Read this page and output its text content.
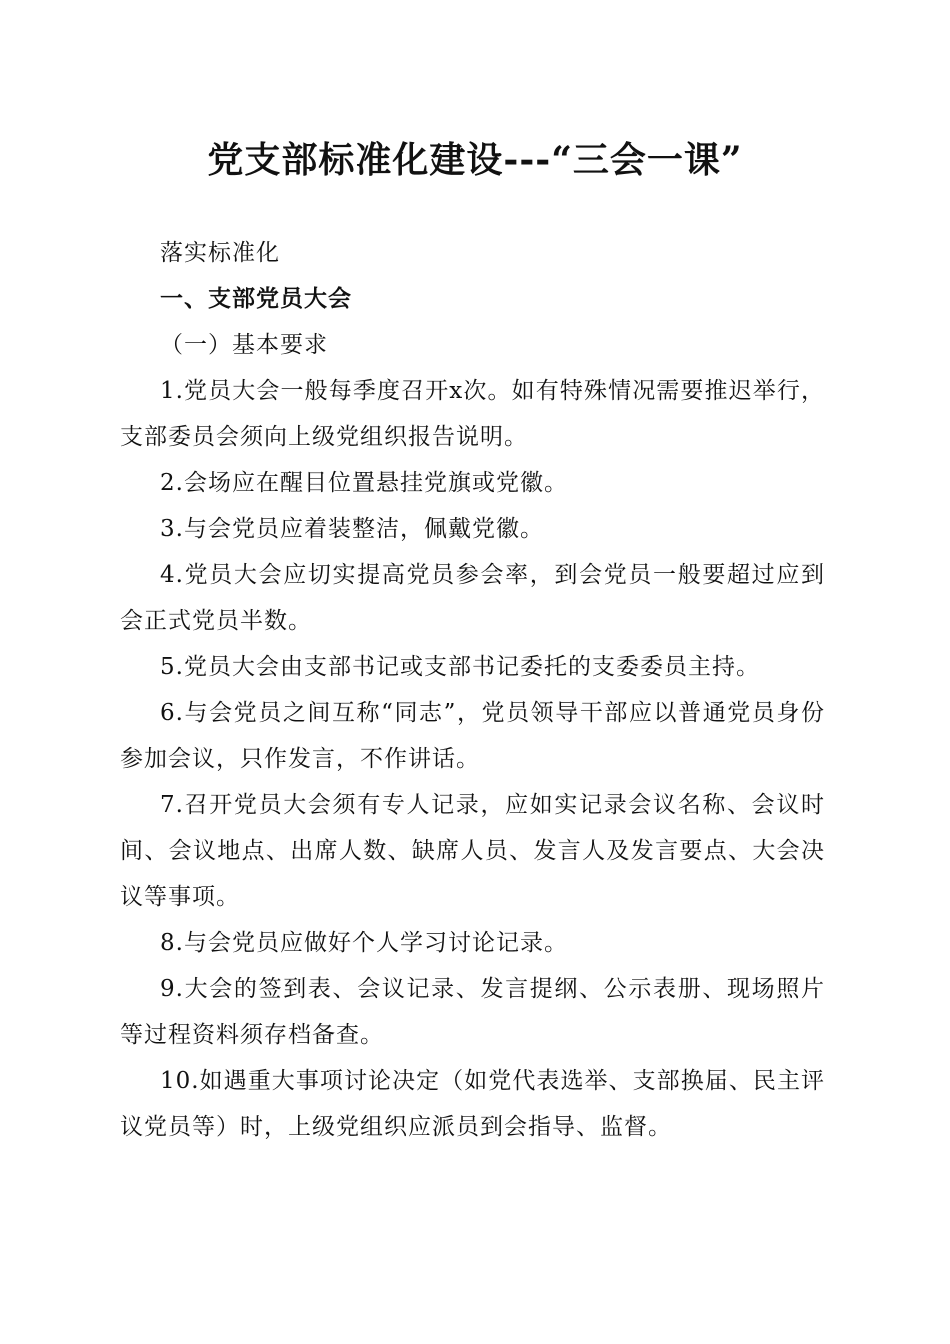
党支部标准化建设---“三会一课”

落实标准化

一、支部党员大会

（一）基本要求

1.党员大会一般每季度召开x次。如有特殊情况需要推迟举行，支部委员会须向上级党组织报告说明。

2.会场应在醒目位置悬挂党旗或党徽。

3.与会党员应着装整洁，佩戴党徽。

4.党员大会应切实提高党员参会率，到会党员一般要超过应到会正式党员半数。

5.党员大会由支部书记或支部书记委托的支委委员主持。

6.与会党员之间互称“同志”，党员领导干部应以普通党员身份参加会议，只作发言，不作讲话。

7.召开党员大会须有专人记录，应如实记录会议名称、会议时间、会议地点、出席人数、缺席人员、发言人及发言要点、大会决议等事项。

8.与会党员应做好个人学习讨论记录。

9.大会的签到表、会议记录、发言提纲、公示表册、现场照片等过程资料须存档备查。

10.如遇重大事项讨论决定（如党代表选举、支部换届、民主评议党员等）时，上级党组织应派员到会指导、监督。
